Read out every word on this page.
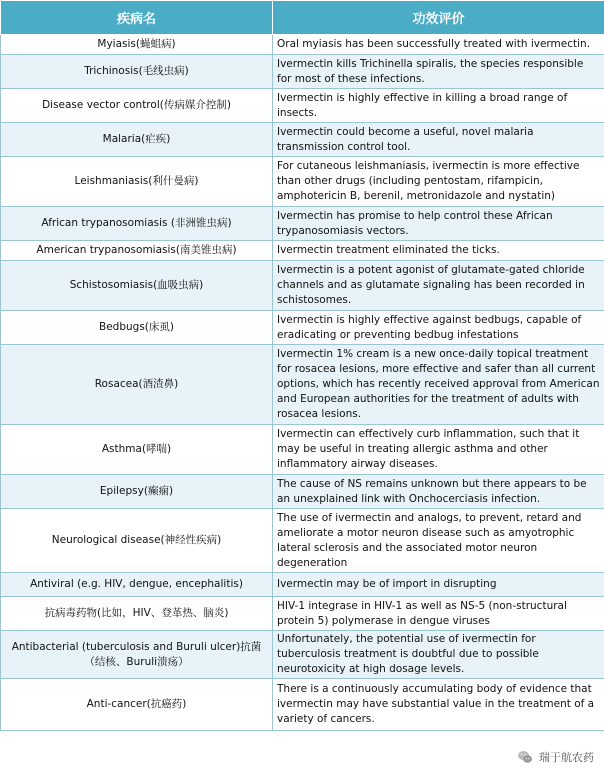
疾病名	功效评价
Myiasis(蝇蛆病)	Oral myiasis has been successfully treated with ivermectin.
Trichinosis(毛线虫病)	Ivermectin kills Trichinella spiralis, the species responsible for most of these infections.
Disease vector control(传病媒介控制)	Ivermectin is highly effective in killing a broad range of insects.
Malaria(疟疾)	Ivermectin could become a useful, novel malaria transmission control tool.
Leishmaniasis(利什曼病)	For cutaneous leishmaniasis, ivermectin is more effective than other drugs (including pentostam, rifampicin, amphotericin B, berenil, metronidazole and nystatin)
African trypanosomiasis (非洲锥虫病)	Ivermectin has promise to help control these African trypanosomiasis vectors.
American trypanosomiasis(南美锥虫病)	Ivermectin treatment eliminated the ticks.
Schistosomiasis(血吸虫病)	Ivermectin is a potent agonist of glutamate-gated chloride channels and as glutamate signaling has been recorded in schistosomes.
Bedbugs(床虱)	Ivermectin is highly effective against bedbugs, capable of eradicating or preventing bedbug infestations
Rosacea(酒渣鼻)	Ivermectin 1% cream is a new once-daily topical treatment for rosacea lesions, more effective and safer than all current options, which has recently received approval from American and European authorities for the treatment of adults with rosacea lesions.
Asthma(哮喘)	Ivermectin can effectively curb inflammation, such that it may be useful in treating allergic asthma and other inflammatory airway diseases.
Epilepsy(癫痫)	The cause of NS remains unknown but there appears to be an unexplained link with Onchocerciasis infection.
Neurological disease(神经性疾病)	The use of ivermectin and analogs, to prevent, retard and ameliorate a motor neuron disease such as amyotrophic lateral sclerosis and the associated motor neuron degeneration
Antiviral (e.g. HIV, dengue, encephalitis)	Ivermectin may be of import in disrupting
抗病毒药物(比如，HIV、登革热、脑炎)	HIV-1 integrase in HIV-1 as well as NS-5 (non-structural protein 5) polymerase in dengue viruses
Antibacterial (tuberculosis and Buruli ulcer)抗菌（结核、Buruli溃疡）	Unfortunately, the potential use of ivermectin for tuberculosis treatment is doubtful due to possible neurotoxicity at high dosage levels.
Anti-cancer(抗癌药)	There is a continuously accumulating body of evidence that ivermectin may have substantial value in the treatment of a variety of cancers.
瑞于航农药
